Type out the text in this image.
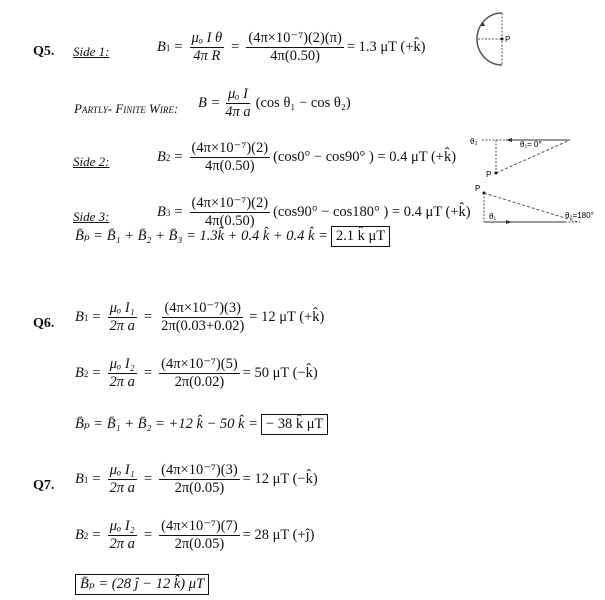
Q5. Side 1:	B $1 = \frac{\text{μₒ I θ}}{\text{4π R}} = \frac{\text{(4π×10⁻⁷)(2)(π)}}{4\pi(0.50)} = 1.3$ μT (+k̂)	P
Partly- Finite Wire: $B = \frac{\text{μₒ I}}{\text{4π a}} (\cos$ θ₁ − cos θ₂)
Side 2:	B $2 = \frac{\text{(4π×10⁻⁷)(2)}}{4\pi(0.50)} (\cos 0^\circ - \cos 90^\circ$ ) = 0.4 μT (+k̂)
θ₂	θ₁= 0°
P
Side 3:	B $3 = \frac{\text{(4π×10⁻⁷)(2)}}{4\pi(0.50)} (\cos 90^\circ - \cos 180^\circ$ ) = 0.4 μT (+k̂)
P
θ₁	θ₂=180°
B̄ₚ = B̄₁ + B̄₂ + B̄₃ = 1.3k̂ + 0.4 k̂ + 0.4 k̂ = 2.1 k̂ μT
Q6. B $1 = \frac{\text{μₒ I₁}}{\text{2π a}} = \frac{\text{(4π×10⁻⁷)(3)}}{2\pi(0.03+0.02)} = 12$ μT (+k̂)
B $2 = \frac{\text{μₒ I₂}}{\text{2π a}} = \frac{\text{(4π×10⁻⁷)(5)}}{2\pi(0.02)} = 50$ μT (−k̂)
B̄ₚ = B̄₁ + B̄₂ = +12 k̂ − 50 k̂ = − 38 k̂ μT
Q7. B $1 = \frac{\text{μₒ I₁}}{\text{2π a}} = \frac{\text{(4π×10⁻⁷)(3)}}{2\pi(0.05)} = 12$ μT (−k̂)
B $2 = \frac{\text{μₒ I₂}}{\text{2π a}} = \frac{\text{(4π×10⁻⁷)(7)}}{2\pi(0.05)} = 28$ μT (+ĵ)
B̄ₚ = (28 ĵ − 12 k̂) μT
